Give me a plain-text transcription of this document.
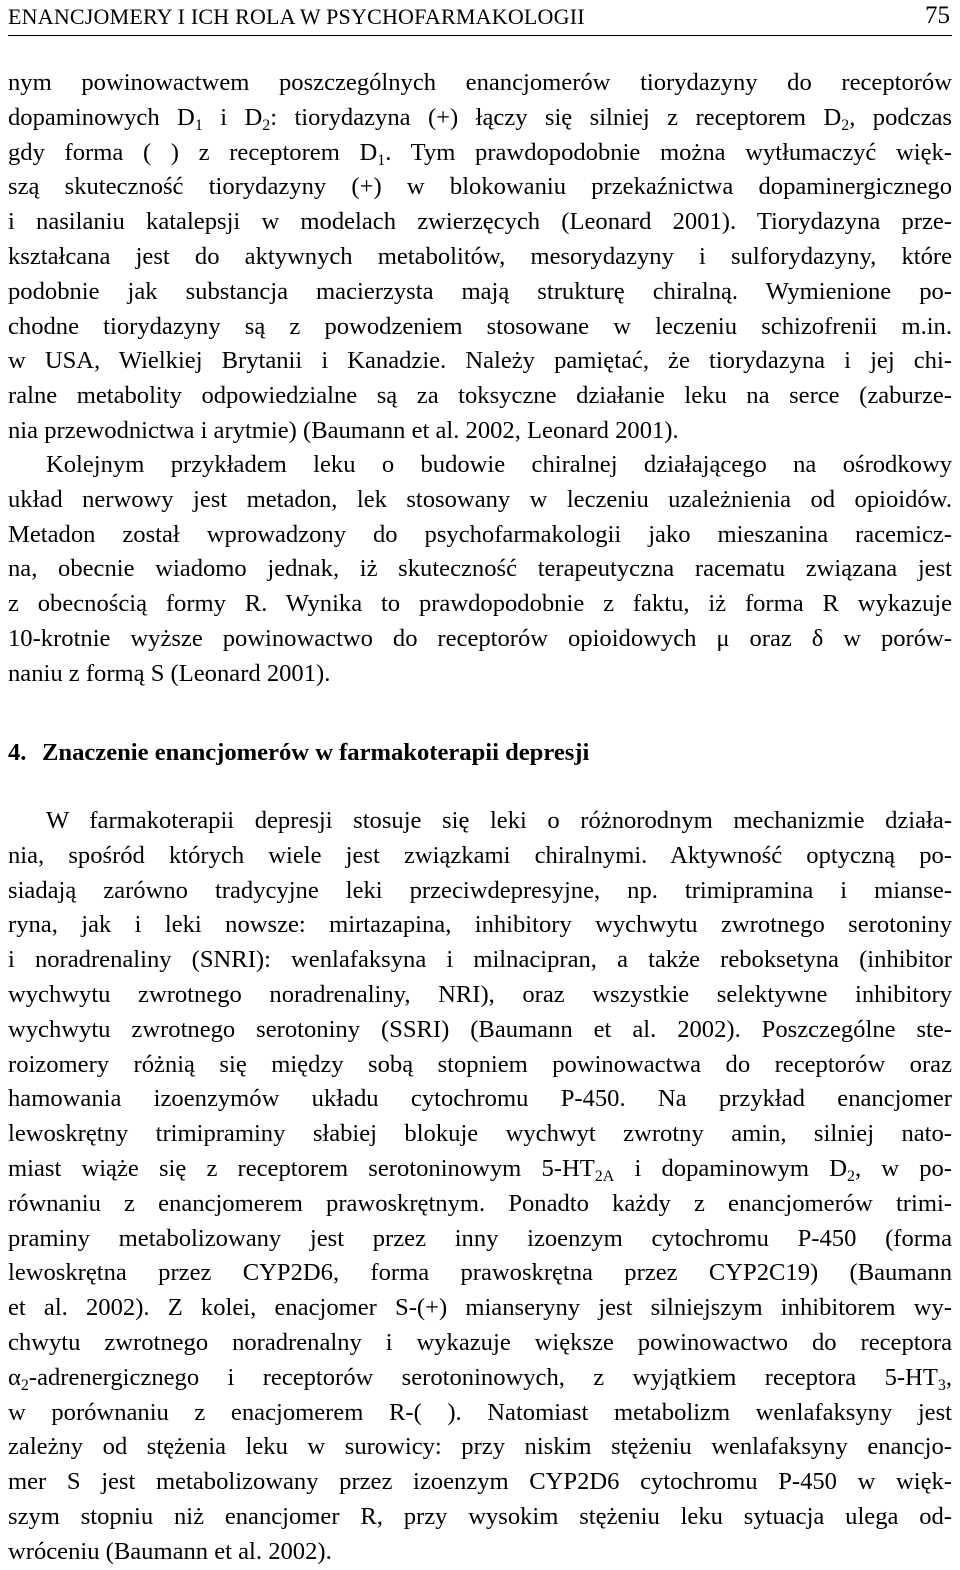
ENANCJOMERY I ICH ROLA W PSYCHOFARMAKOLOGII	75
nym powinowactwem poszczególnych enancjomerów tiorydazyny do receptorów
dopaminowych $D_1$ i $D_2$: tiorydazyna (+) łączy się silniej z receptorem $D_2$, podczas
gdy forma ( ) z receptorem $D_1$. Tym prawdopodobnie można wytłumaczyć więk-
szą skuteczność tiorydazyny (+) w blokowaniu przekaźnictwa dopaminergicznego
i nasilaniu katalepsji w modelach zwierzęcych (Leonard 2001). Tiorydazyna prze-
kształcana jest do aktywnych metabolitów, mesorydazyny i sulforydazyny, które
podobnie jak substancja macierzysta mają strukturę chiralną. Wymienione po-
chodne tiorydazyny są z powodzeniem stosowane w leczeniu schizofrenii m.in.
w USA, Wielkiej Brytanii i Kanadzie. Należy pamiętać, że tiorydazyna i jej chi-
ralne metabolity odpowiedzialne są za toksyczne działanie leku na serce (zaburze-
nia przewodnictwa i arytmie) (Baumann et al. 2002, Leonard 2001).
Kolejnym przykładem leku o budowie chiralnej działającego na ośrodkowy
układ nerwowy jest metadon, lek stosowany w leczeniu uzależnienia od opioidów.
Metadon został wprowadzony do psychofarmakologii jako mieszanina racemicz-
na, obecnie wiadomo jednak, iż skuteczność terapeutyczna racematu związana jest
z obecnością formy R. Wynika to prawdopodobnie z faktu, iż forma R wykazuje
10-krotnie wyższe powinowactwo do receptorów opioidowych μ oraz δ w porów-
naniu z formą S (Leonard 2001).
4. Znaczenie enancjomerów w farmakoterapii depresji
W farmakoterapii depresji stosuje się leki o różnorodnym mechanizmie działa-
nia, spośród których wiele jest związkami chiralnymi. Aktywność optyczną po-
siadają zarówno tradycyjne leki przeciwdepresyjne, np. trimipramina i mianse-
ryna, jak i leki nowsze: mirtazapina, inhibitory wychwytu zwrotnego serotoniny
i noradrenaliny (SNRI): wenlafaksyna i milnacipran, a także reboksetyna (inhibitor
wychwytu zwrotnego noradrenaliny, NRI), oraz wszystkie selektywne inhibitory
wychwytu zwrotnego serotoniny (SSRI) (Baumann et al. 2002). Poszczególne ste-
roizomery różnią się między sobą stopniem powinowactwa do receptorów oraz
hamowania izoenzymów układu cytochromu P-450. Na przykład enancjomer
lewoskrętny trimipraminy słabiej blokuje wychwyt zwrotny amin, silniej nato-
miast wiąże się z receptorem serotoninowym $5-HT_{2A}$ i dopaminowym $D_2$, w po-
równaniu z enancjomerem prawoskrętnym. Ponadto każdy z enancjomerów trimi-
praminy metabolizowany jest przez inny izoenzym cytochromu P-450 (forma
lewoskrętna przez CYP2D6, forma prawoskrętna przez CYP2C19) (Baumann
et al. 2002). Z kolei, enacjomer S-(+) mianseryny jest silniejszym inhibitorem wy-
chwytu zwrotnego noradrenalny i wykazuje większe powinowactwo do receptora
$\alpha_2$-adrenergicznego i receptorów serotoninowych, z wyjątkiem receptora $5-HT_3$,
w porównaniu z enacjomerem R-( ). Natomiast metabolizm wenlafaksyny jest
zależny od stężenia leku w surowicy: przy niskim stężeniu wenlafaksyny enancjo-
mer S jest metabolizowany przez izoenzym CYP2D6 cytochromu P-450 w więk-
szym stopniu niż enancjomer R, przy wysokim stężeniu leku sytuacja ulega od-
wróceniu (Baumann et al. 2002).
